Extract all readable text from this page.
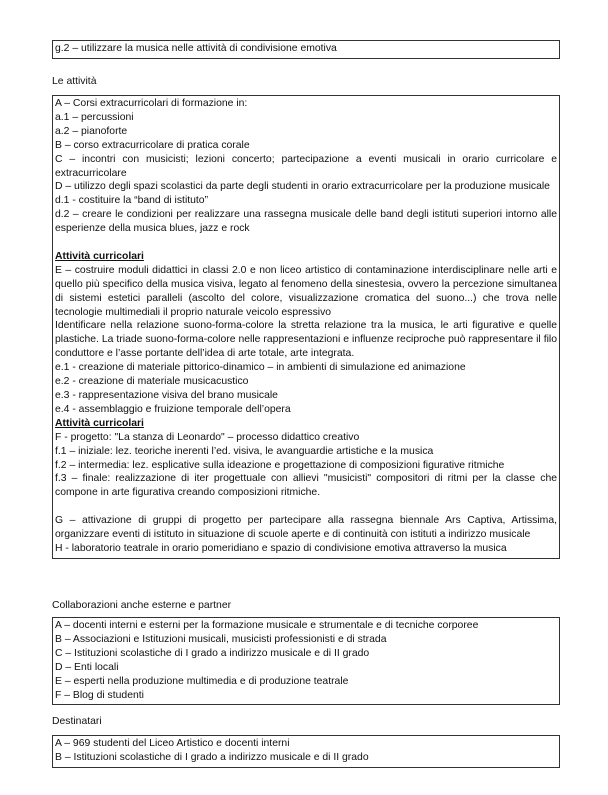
g.2 – utilizzare la musica nelle attività di condivisione emotiva
Le attività
A – Corsi extracurricolari di formazione in:
a.1 – percussioni
a.2 – pianoforte
B – corso extracurricolare di pratica corale
C – incontri con musicisti; lezioni concerto; partecipazione a eventi musicali in orario curricolare e extracurricolare
D – utilizzo degli spazi scolastici da parte degli studenti in orario extracurricolare per la produzione musicale
d.1 - costituire la “band di istituto”
d.2 – creare le condizioni per realizzare una rassegna musicale delle band degli istituti superiori intorno alle esperienze della musica blues, jazz e rock
Attività curricolari
E – costruire moduli didattici in classi 2.0 e non liceo artistico di contaminazione interdisciplinare nelle arti e quello più specifico della musica visiva, legato al fenomeno della sinestesia, ovvero la percezione simultanea di sistemi estetici paralleli (ascolto del colore, visualizzazione cromatica del suono...) che trova nelle tecnologie multimediali il proprio naturale veicolo espressivo
Identificare nella relazione suono-forma-colore la stretta relazione tra la musica, le arti figurative e quelle plastiche. La triade suono-forma-colore nelle rappresentazioni e influenze reciproche può rappresentare il filo conduttore e l’asse portante dell’idea di arte totale, arte integrata.
e.1 - creazione di materiale pittorico-dinamico – in ambienti di simulazione ed animazione
e.2 - creazione di materiale musicacustico
e.3 - rappresentazione visiva del brano musicale
e.4 - assemblaggio e fruizione temporale dell’opera
Attività curricolari
F - progetto: "La stanza di Leonardo" – processo didattico creativo
f.1 – iniziale: lez. teoriche inerenti l’ed. visiva, le avanguardie artistiche e la musica
f.2 – intermedia: lez. esplicative sulla ideazione e progettazione di composizioni figurative ritmiche
f.3 – finale: realizzazione di iter progettuale con allievi "musicisti" compositori di ritmi per la classe che compone in arte figurativa creando composizioni ritmiche.
G – attivazione di gruppi di progetto per partecipare alla rassegna biennale Ars Captiva, Artissima, organizzare eventi di istituto in situazione di scuole aperte e di continuità con istituti a indirizzo musicale
H - laboratorio teatrale in orario pomeridiano e spazio di condivisione emotiva attraverso la musica
Collaborazioni anche esterne e partner
A – docenti interni e esterni per la formazione musicale e strumentale e di tecniche corporee
B – Associazioni e Istituzioni musicali, musicisti professionisti e di strada
C – Istituzioni scolastiche di I grado a indirizzo musicale e di II grado
D – Enti locali
E – esperti nella produzione multimedia e di produzione teatrale
F – Blog di studenti
Destinatari
A – 969 studenti del Liceo Artistico e docenti interni
B – Istituzioni scolastiche di I grado a indirizzo musicale e di II grado
